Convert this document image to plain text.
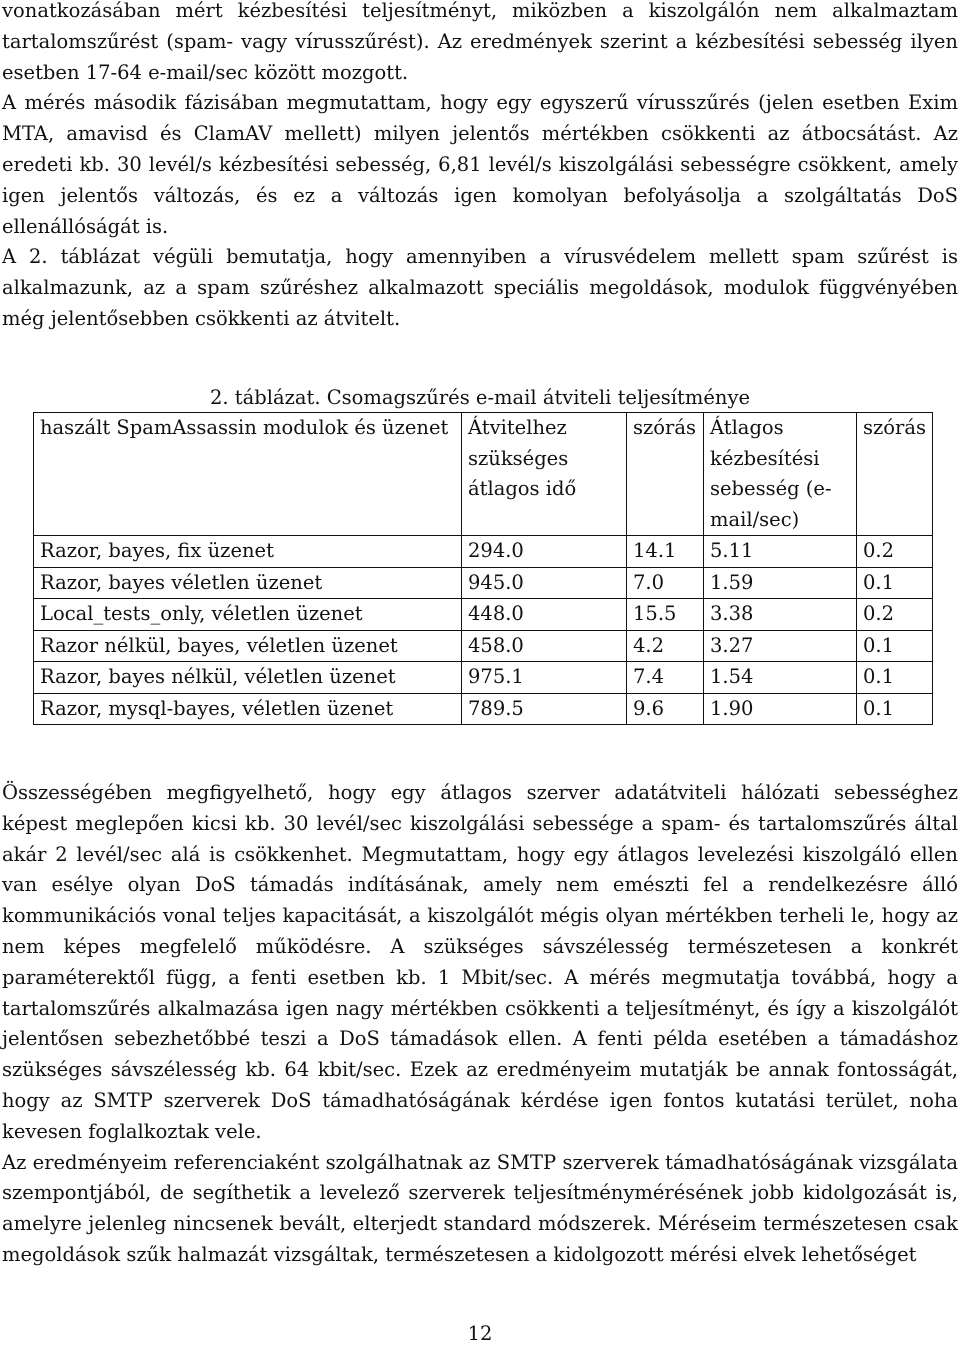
vonatkozásában mért kézbesítési teljesítményt, miközben a kiszolgálón nem alkalmaztam tartalomszűrést (spam- vagy vírusszűrést). Az eredmények szerint a kézbesítési sebesség ilyen esetben 17-64 e-mail/sec között mozgott.

A mérés második fázisában megmutattam, hogy egy egyszerű vírusszűrés (jelen esetben Exim MTA, amavisd és ClamAV mellett) milyen jelentős mértékben csökkenti az átbocsátást. Az eredeti kb. 30 levél/s kézbesítési sebesség, 6,81 levél/s kiszolgálási sebességre csökkent, amely igen jelentős változás, és ez a változás igen komolyan befolyásolja a szolgáltatás DoS ellenállóságát is.

A 2. táblázat végüli bemutatja, hogy amennyiben a vírusvédelem mellett spam szűrést is alkalmazunk, az a spam szűréshez alkalmazott speciális megoldások, modulok függvényében még jelentősebben csökkenti az átvitelt.

2. táblázat. Csomagszűrés e-mail átviteli teljesítménye
haszált SpamAssassin modulok és üzenet	Átvitelhez szükséges átlagos idő	szórás	Átlagos kézbesítési sebesség (e-mail/sec)	szórás
Razor, bayes, fix üzenet	294.0	14.1	5.11	0.2
Razor, bayes véletlen üzenet	945.0	7.0	1.59	0.1
Local_tests_only, véletlen üzenet	448.0	15.5	3.38	0.2
Razor nélkül, bayes, véletlen üzenet	458.0	4.2	3.27	0.1
Razor, bayes nélkül, véletlen üzenet	975.1	7.4	1.54	0.1
Razor, mysql-bayes, véletlen üzenet	789.5	9.6	1.90	0.1

Összességében megfigyelhető, hogy egy átlagos szerver adatátviteli hálózati sebességhez képest meglepően kicsi kb. 30 levél/sec kiszolgálási sebessége a spam- és tartalomszűrés által akár 2 levél/sec alá is csökkenhet. Megmutattam, hogy egy átlagos levelezési kiszolgáló ellen van esélye olyan DoS támadás indításának, amely nem emészti fel a rendelkezésre álló kommunikációs vonal teljes kapacitását, a kiszolgálót mégis olyan mértékben terheli le, hogy az nem képes megfelelő működésre. A szükséges sávszélesség természetesen a konkrét paraméterektől függ, a fenti esetben kb. 1 Mbit/sec. A mérés megmutatja továbbá, hogy a tartalomszűrés alkalmazása igen nagy mértékben csökkenti a teljesítményt, és így a kiszolgálót jelentősen sebezhetőbbé teszi a DoS támadások ellen. A fenti példa esetében a támadáshoz szükséges sávszélesség kb. 64 kbit/sec. Ezek az eredményeim mutatják be annak fontosságát, hogy az SMTP szerverek DoS támadhatóságának kérdése igen fontos kutatási terület, noha kevesen foglalkoztak vele.

Az eredményeim referenciaként szolgálhatnak az SMTP szerverek támadhatóságának vizsgálata szempontjából, de segíthetik a levelező szerverek teljesítménymérésének jobb kidolgozását is, amelyre jelenleg nincsenek bevált, elterjedt standard módszerek. Méréseim természetesen csak megoldások szűk halmazát vizsgáltak, természetesen a kidolgozott mérési elvek lehetőséget

12
